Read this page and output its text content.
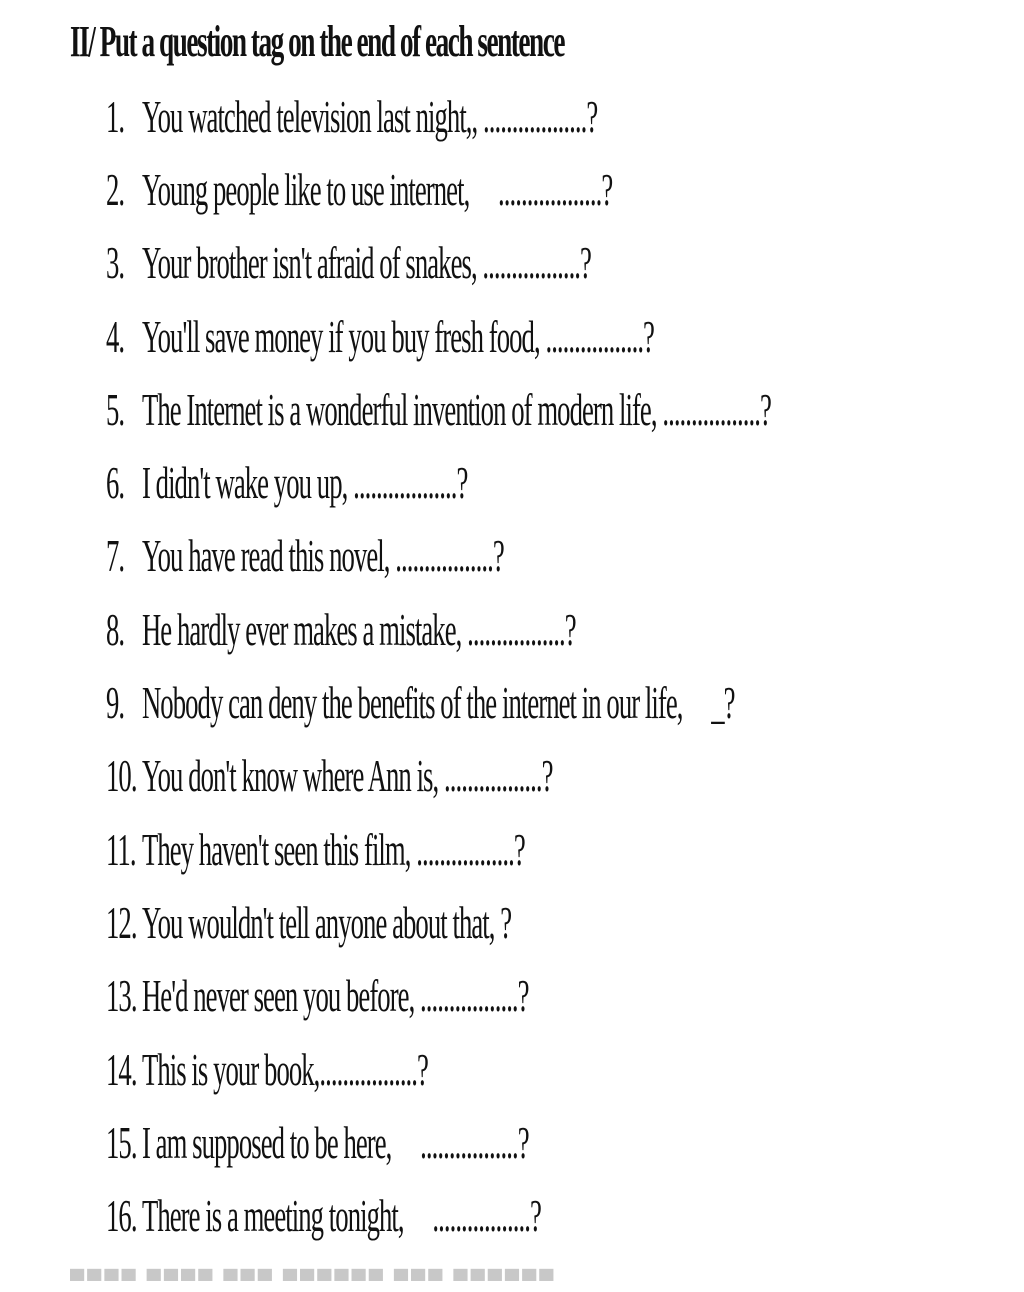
II/ Put a question tag on the end of each sentence
1. You watched television last night,, ..................?
2. Young people like to use internet,     ..................?
3. Your brother isn't afraid of snakes, .................?
4. You'll save money if you buy fresh food, .................?
5. The Internet is a wonderful invention of modern life, .................?
6. I didn't wake you up, ..................?
7. You have read this novel, .................?
8. He hardly ever makes a mistake, .................?
9. Nobody can deny the benefits of the internet in our life,     _?
10. You don't know where Ann is, .................?
11. They haven't seen this film, .................?
12. You wouldn't tell anyone about that, ?
13. He'd never seen you before, .................?
14. This is your book,.................?
15. I am supposed to be here,     .................?
16. There is a meeting tonight,     .................?
▀▀▀▀ ▀▀▀▀ ▀▀▀ ▀▀▀▀▀▀ ▀▀▀ ▀▀▀▀▀▀
